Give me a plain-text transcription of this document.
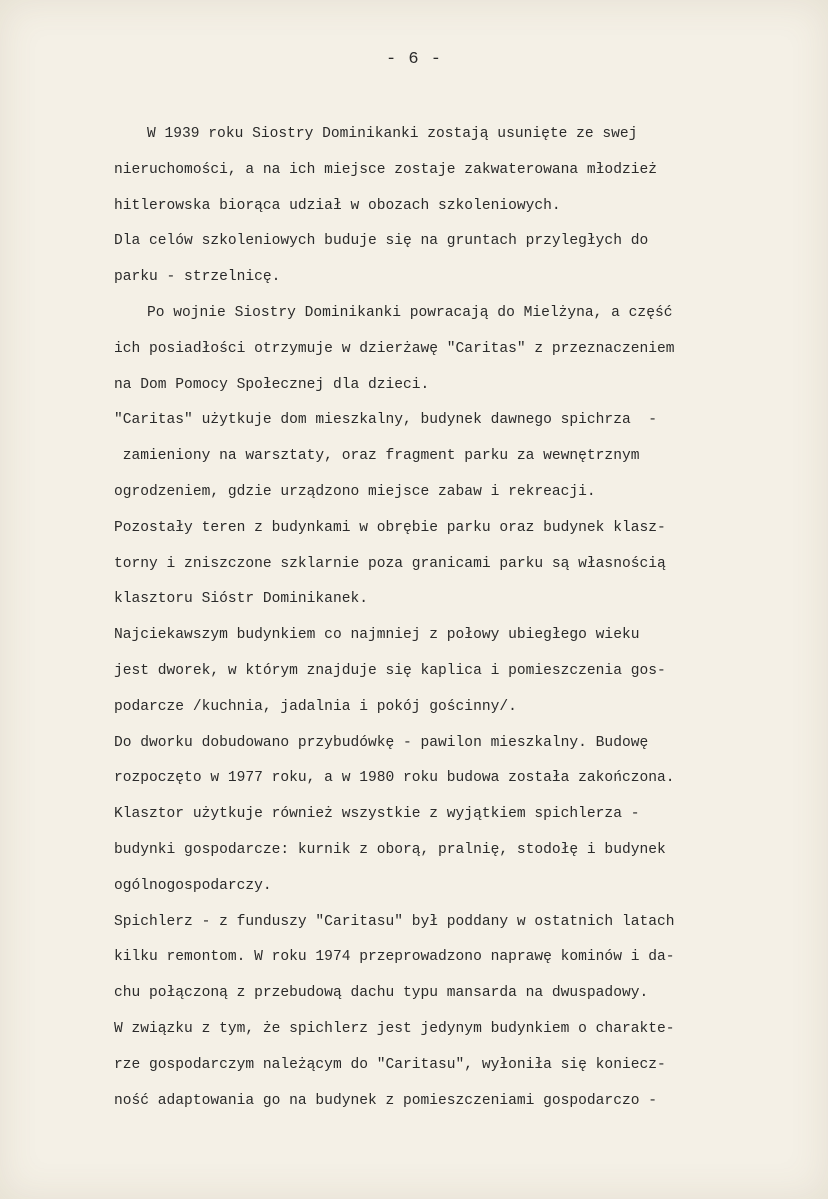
- 6 -
W 1939 roku Siostry Dominikanki zostają usunięte ze swej
nieruchomości, a na ich miejsce zostaje zakwaterowana młodzież
hitlerowska biorąca udział w obozach szkoleniowych.
Dla celów szkoleniowych buduje się na gruntach przyległych do
parku - strzelnicę.
Po wojnie Siostry Dominikanki powracają do Mielżyna, a część
ich posiadłości otrzymuje w dzierżawę "Caritas" z przeznaczeniem
na Dom Pomocy Społecznej dla dzieci.
"Caritas" użytkuje dom mieszkalny, budynek dawnego spichrza  -
zamieniony na warsztaty, oraz fragment parku za wewnętrznym
ogrodzeniem, gdzie urządzono miejsce zabaw i rekreacji.
Pozostały teren z budynkami w obrębie parku oraz budynek klasz-
torny i zniszczone szklarnie poza granicami parku są własnością
klasztoru Sióstr Dominikanek.
Najciekawszym budynkiem co najmniej z połowy ubiegłego wieku
jest dworek, w którym znajduje się kaplica i pomieszczenia gos-
podarcze /kuchnia, jadalnia i pokój gościnny/.
Do dworku dobudowano przybudówkę - pawilon mieszkalny. Budowę
rozpoczęto w 1977 roku, a w 1980 roku budowa została zakończona.
Klasztor użytkuje również wszystkie z wyjątkiem spichlerza -
budynki gospodarcze: kurnik z oborą, pralnię, stodołę i budynek
ogólnogospodarczy.
Spichlerz - z funduszy "Caritasu" był poddany w ostatnich latach
kilku remontom. W roku 1974 przeprowadzono naprawę kominów i da-
chu połączoną z przebudową dachu typu mansarda na dwuspadowy.
W związku z tym, że spichlerz jest jedynym budynkiem o charakte-
rze gospodarczym należącym do "Caritasu", wyłoniła się koniecz-
ność adaptowania go na budynek z pomieszczeniami gospodarczo -
